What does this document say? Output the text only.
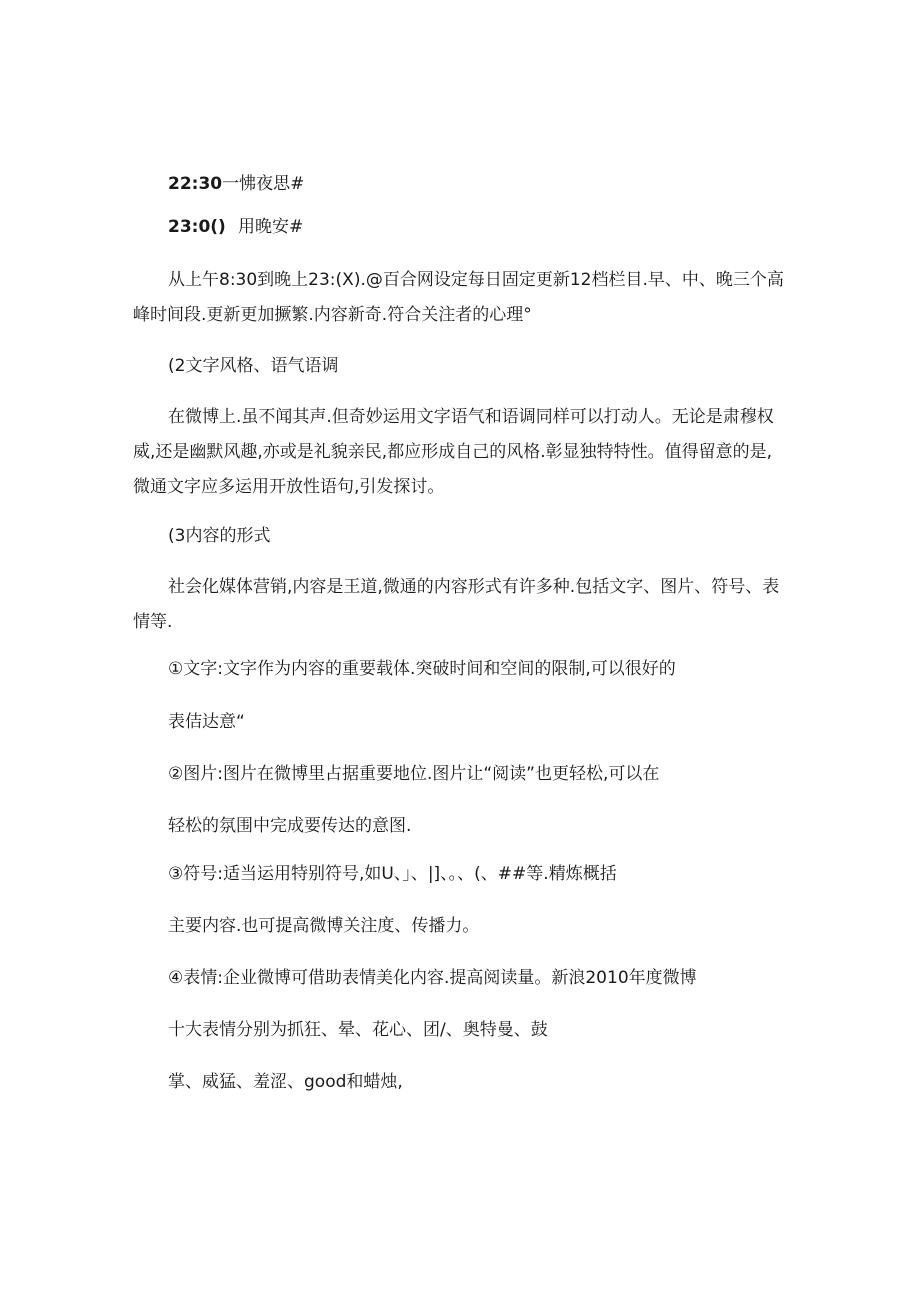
22:30一怫夜思#
23:0() 用晚安#
从上午8:30到晚上23:(X).@百合网设定每日固定更新12档栏目.早、中、晚三个高峰时间段.更新更加撅繁.内容新奇.符合关注者的心理°
(2文字风格、语气语调
在微博上.虽不闻其声.但奇妙运用文字语气和语调同样可以打动人。无论是肃穆权威,还是幽默风趣,亦或是礼貌亲民,都应形成自己的风格.彰显独特特性。值得留意的是,微通文字应多运用开放性语句,引发探讨。
(3内容的形式
社会化媒体营销,内容是王道,微通的内容形式有许多种.包括文字、图片、符号、表情等.
①文字:文字作为内容的重要载体.突破时间和空间的限制,可以很好的
表佶达意“
②图片:图片在微博里占据重要地位.图片让“阅读”也更轻松,可以在
轻松的氛围中完成要传达的意图.
③符号:适当运用特别符号,如U、」、|]、。、(、##等.精炼概括
主要内容.也可提高微博关注度、传播力。
④表情:企业微博可借助表情美化内容.提高阅读量。新浪2010年度微博
十大表情分别为抓狂、晕、花心、团/、奥特曼、鼓
掌、威猛、羞涩、good和蜡烛,
